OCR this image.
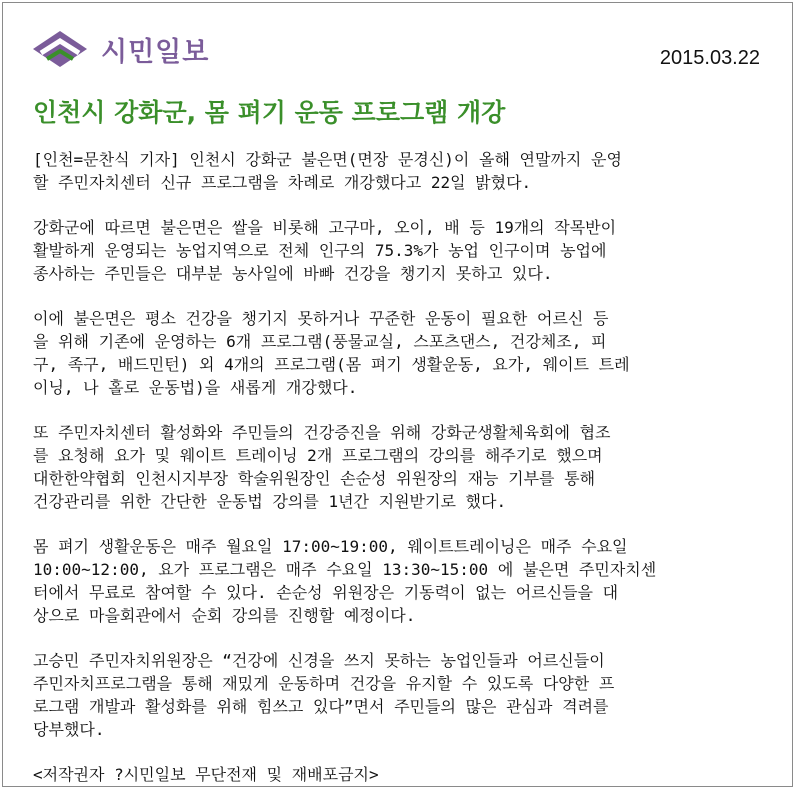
시민일보	2015.03.22
인천시 강화군, 몸 펴기 운동 프로그램 개강

[인천=문찬식 기자] 인천시 강화군 불은면(면장 문경신)이 올해 연말까지 운영
할 주민자치센터 신규 프로그램을 차례로 개강했다고 22일 밝혔다.

강화군에 따르면 불은면은 쌀을 비롯해 고구마, 오이, 배 등 19개의 작목반이
활발하게 운영되는 농업지역으로 전체 인구의 75.3%가 농업 인구이며 농업에
종사하는 주민들은 대부분 농사일에 바빠 건강을 챙기지 못하고 있다.

이에 불은면은 평소 건강을 챙기지 못하거나 꾸준한 운동이 필요한 어르신 등
을 위해 기존에 운영하는 6개 프로그램(풍물교실, 스포츠댄스, 건강체조, 피
구, 족구, 배드민턴) 외 4개의 프로그램(몸 펴기 생활운동, 요가, 웨이트 트레
이닝, 나 홀로 운동법)을 새롭게 개강했다.

또 주민자치센터 활성화와 주민들의 건강증진을 위해 강화군생활체육회에 협조
를 요청해 요가 및 웨이트 트레이닝 2개 프로그램의 강의를 해주기로 했으며
대한한약협회 인천시지부장 학술위원장인 손순성 위원장의 재능 기부를 통해
건강관리를 위한 간단한 운동법 강의를 1년간 지원받기로 했다.

몸 펴기 생활운동은 매주 월요일 17:00~19:00, 웨이트트레이닝은 매주 수요일
10:00~12:00, 요가 프로그램은 매주 수요일 13:30~15:00 에 불은면 주민자치센
터에서 무료로 참여할 수 있다. 손순성 위원장은 기동력이 없는 어르신들을 대
상으로 마을회관에서 순회 강의를 진행할 예정이다.

고승민 주민자치위원장은 “건강에 신경을 쓰지 못하는 농업인들과 어르신들이
주민자치프로그램을 통해 재밌게 운동하며 건강을 유지할 수 있도록 다양한 프
로그램 개발과 활성화를 위해 힘쓰고 있다”면서 주민들의 많은 관심과 격려를
당부했다.

<저작권자 ?시민일보 무단전재 및 재배포금지>
